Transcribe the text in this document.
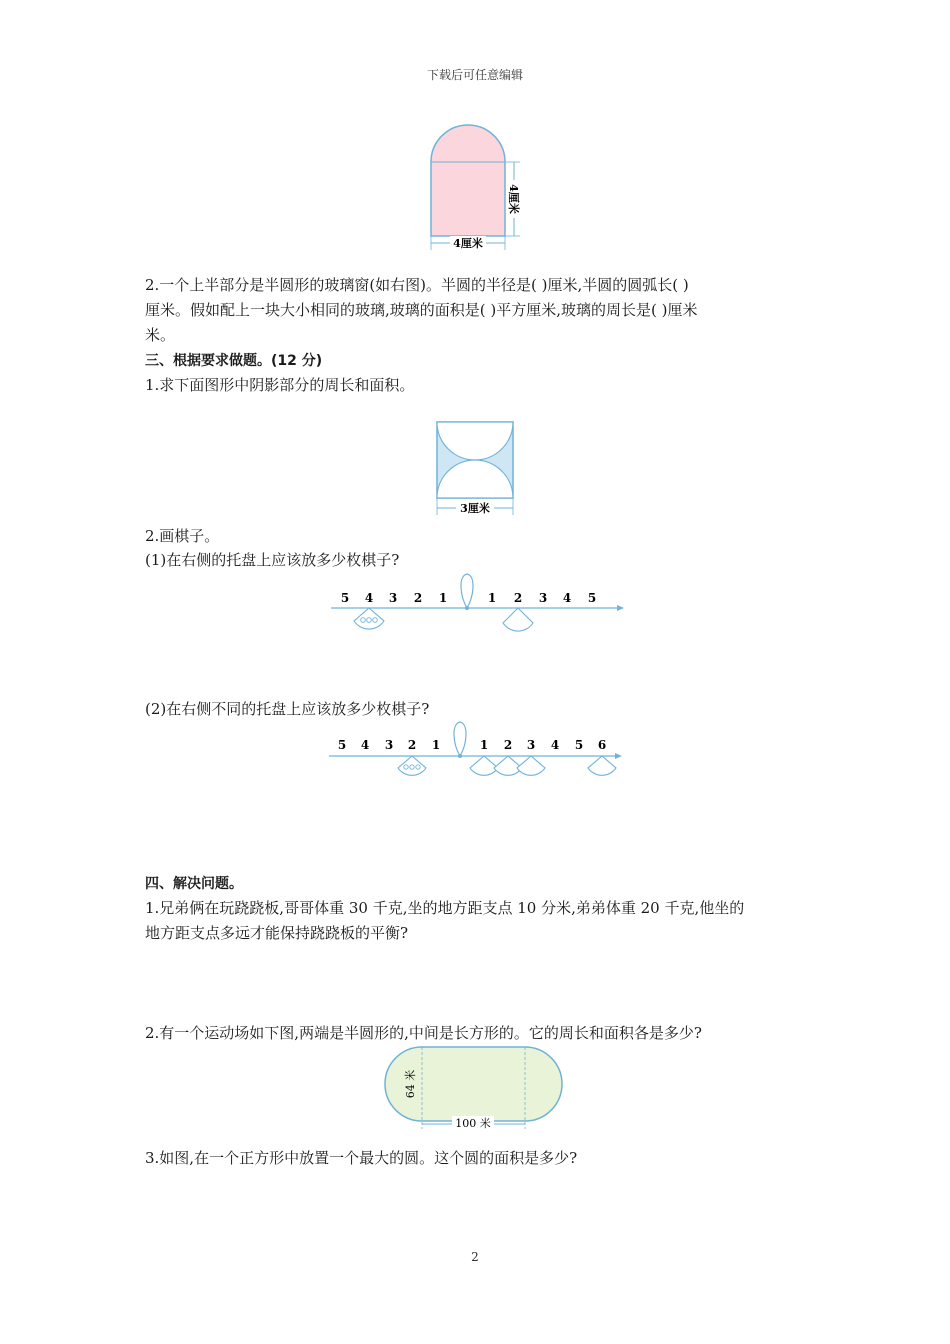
下载后可任意编辑
4厘米
4厘米
2.一个上半部分是半圆形的玻璃窗(如右图)。半圆的半径是( )厘米,半圆的圆弧长( )
厘米。假如配上一块大小相同的玻璃,玻璃的面积是( )平方厘米,玻璃的周长是( )厘米
米。
三、根据要求做题。(12 分)
1.求下面图形中阴影部分的周长和面积。
3厘米
2.画棋子。
(1)在右侧的托盘上应该放多少枚棋子?
5 4 3 2 1	1 2 3 4 5
(2)在右侧不同的托盘上应该放多少枚棋子?
5 4 3 2 1	1 2 3 4 5 6
四、解决问题。
1.兄弟俩在玩跷跷板,哥哥体重 30 千克,坐的地方距支点 10 分米,弟弟体重 20 千克,他坐的
地方距支点多远才能保持跷跷板的平衡?
2.有一个运动场如下图,两端是半圆形的,中间是长方形的。它的周长和面积各是多少?
100 米
64 米
3.如图,在一个正方形中放置一个最大的圆。这个圆的面积是多少?
2
